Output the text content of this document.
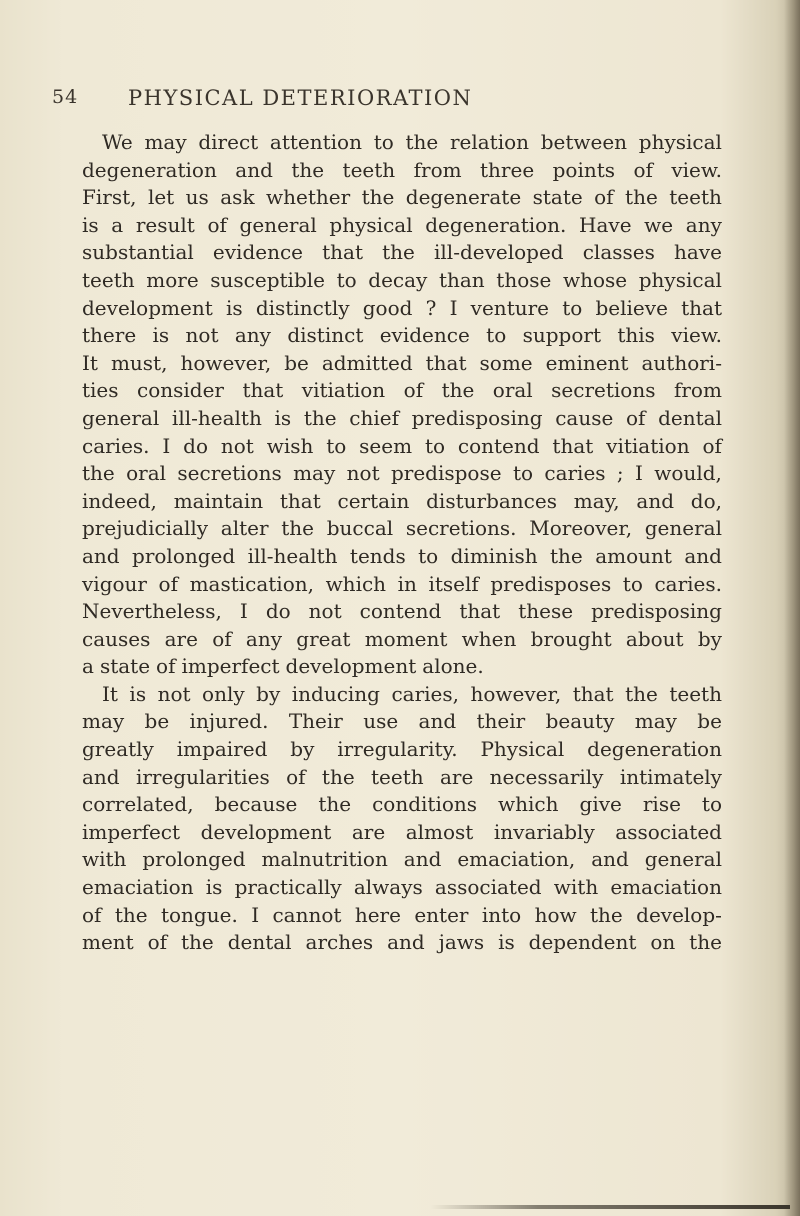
54 PHYSICAL DETERIORATION
We may direct attention to the relation between physical
degeneration and the teeth from three points of view.
First, let us ask whether the degenerate state of the teeth
is a result of general physical degeneration. Have we any
substantial evidence that the ill-developed classes have
teeth more susceptible to decay than those whose physical
development is distinctly good ? I venture to believe that
there is not any distinct evidence to support this view.
It must, however, be admitted that some eminent authori-
ties consider that vitiation of the oral secretions from
general ill-health is the chief predisposing cause of dental
caries. I do not wish to seem to contend that vitiation of
the oral secretions may not predispose to caries ; I would,
indeed, maintain that certain disturbances may, and do,
prejudicially alter the buccal secretions. Moreover, general
and prolonged ill-health tends to diminish the amount and
vigour of mastication, which in itself predisposes to caries.
Nevertheless, I do not contend that these predisposing
causes are of any great moment when brought about by
a state of imperfect development alone.
It is not only by inducing caries, however, that the teeth
may be injured. Their use and their beauty may be
greatly impaired by irregularity. Physical degeneration
and irregularities of the teeth are necessarily intimately
correlated, because the conditions which give rise to
imperfect development are almost invariably associated
with prolonged malnutrition and emaciation, and general
emaciation is practically always associated with emaciation
of the tongue. I cannot here enter into how the develop-
ment of the dental arches and jaws is dependent on the
